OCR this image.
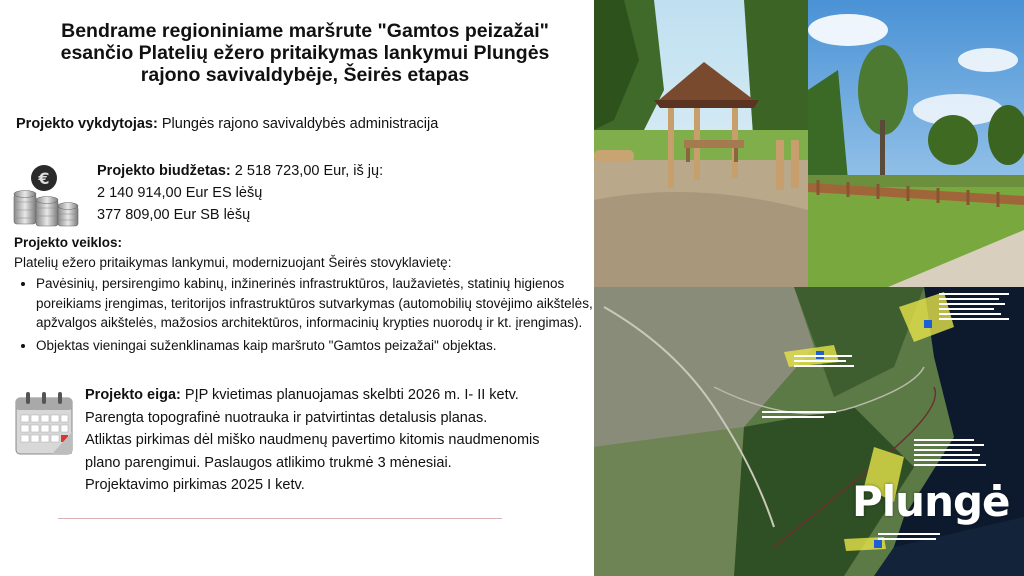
Bendrame regioniniame maršrute "Gamtos peizažai"
esančio Platelių ežero pritaikymas lankymui Plungės
rajono savivaldybėje, Šeirės etapas
Projekto vykdytojas: Plungės rajono savivaldybės administracija
€	Projekto biudžetas: 2 518 723,00 Eur, iš jų:
2 140 914,00 Eur ES lėšų
377 809,00 Eur SB lėšų
Projekto veiklos:
Platelių ežero pritaikymas lankymui, modernizuojant Šeirės stovyklavietę:
• Pavėsinių, persirengimo kabinų, inžinerinės infrastruktūros, laužavietės, statinių higienos poreikiams įrengimas, teritorijos infrastruktūros sutvarkymas (automobilių stovėjimo aikštelės, apžvalgos aikštelės, mažosios architektūros, informacinių krypties nuorodų ir kt. įrengimas).
• Objektas vieningai suženklinamas kaip maršruto "Gamtos peizažai" objektas.
Projekto eiga: PĮP kvietimas planuojamas skelbti 2026 m. I- II ketv.
Parengta topografinė nuotrauka ir patvirtintas detalusis planas.
Atliktas pirkimas dėl miško naudmenų pavertimo kitomis naudmenomis
plano parengimui. Paslaugos atlikimo trukmė 3 mėnesiai.
Projektavimo pirkimas 2025 I ketv.	Plungė
